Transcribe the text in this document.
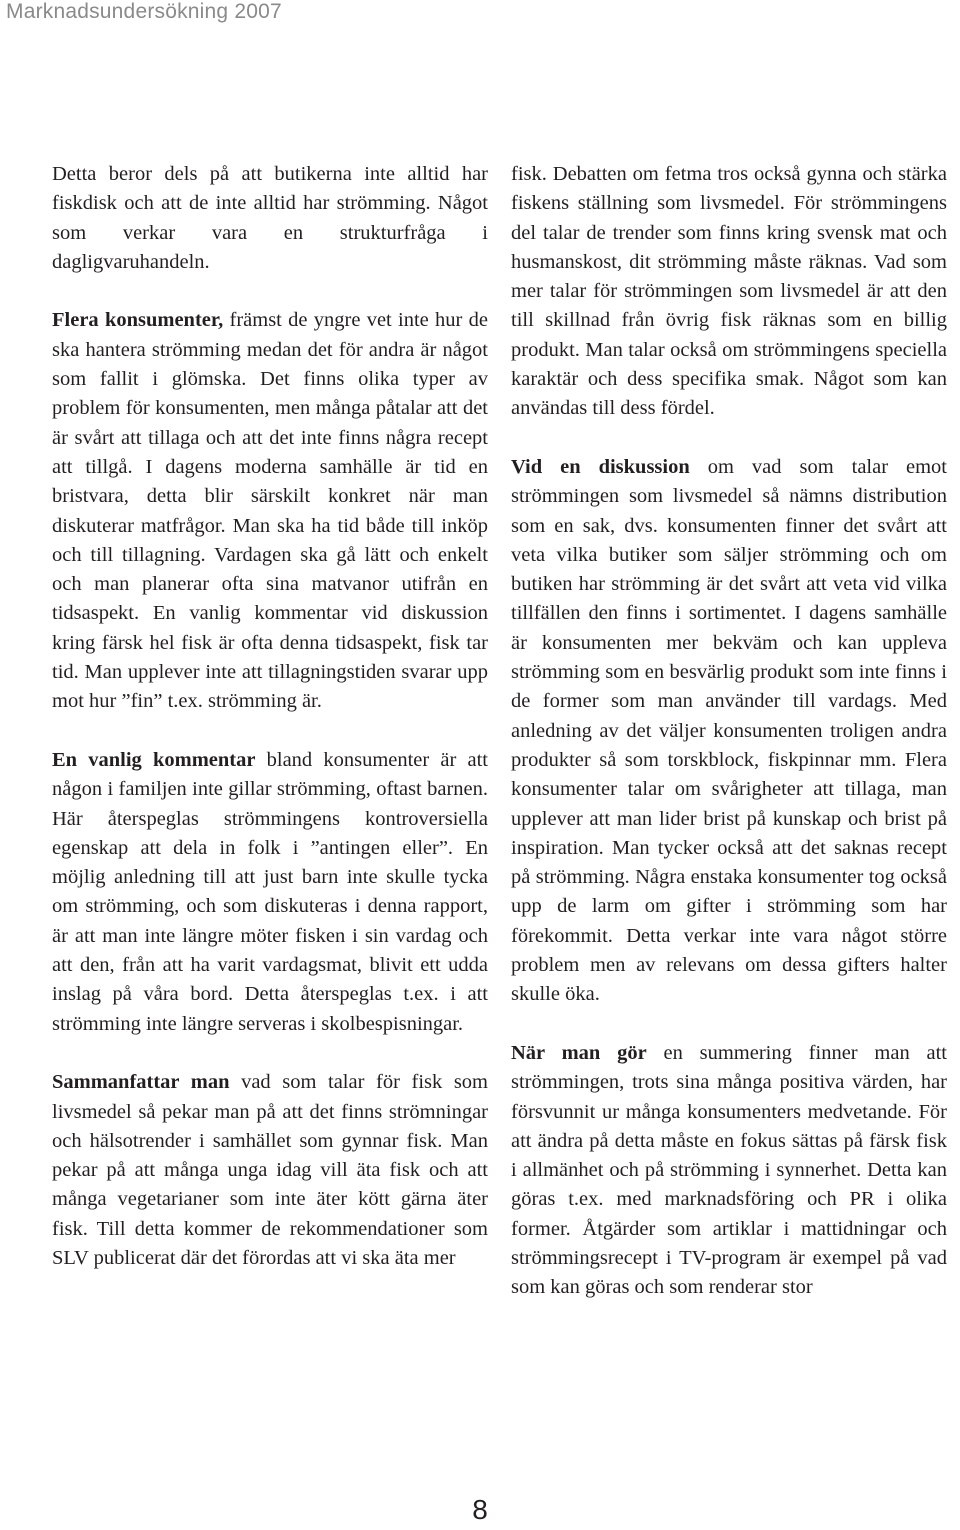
Marknadsundersökning 2007

Detta beror dels på att butikerna inte alltid har fiskdisk och att de inte alltid har strömming. Något som verkar vara en strukturfråga i dagligvaruhandeln.

Flera konsumenter, främst de yngre vet inte hur de ska hantera strömming medan det för andra är något som fallit i glömska. Det finns olika typer av problem för konsumenten, men många påtalar att det är svårt att tillaga och att det inte finns några recept att tillgå. I dagens moderna samhälle är tid en bristvara, detta blir särskilt konkret när man diskuterar matfrågor. Man ska ha tid både till inköp och till tillagning. Vardagen ska gå lätt och enkelt och man planerar ofta sina matvanor utifrån en tidsaspekt. En vanlig kommentar vid diskussion kring färsk hel fisk är ofta denna tidsaspekt, fisk tar tid. Man upplever inte att tillagningstiden svarar upp mot hur ”fin” t.ex. strömming är.

En vanlig kommentar bland konsumenter är att någon i familjen inte gillar strömming, oftast barnen. Här återspeglas strömmingens kontroversiella egenskap att dela in folk i ”antingen eller”. En möjlig anledning till att just barn inte skulle tycka om strömming, och som diskuteras i denna rapport, är att man inte längre möter fisken i sin vardag och att den, från att ha varit vardagsmat, blivit ett udda inslag på våra bord. Detta återspeglas t.ex. i att strömming inte längre serveras i skolbespisningar.

Sammanfattar man vad som talar för fisk som livsmedel så pekar man på att det finns strömningar och hälsotrender i samhället som gynnar fisk. Man pekar på att många unga idag vill äta fisk och att många vegetarianer som inte äter kött gärna äter fisk. Till detta kommer de rekommendationer som SLV publicerat där det förordas att vi ska äta mer

fisk. Debatten om fetma tros också gynna och stärka fiskens ställning som livsmedel. För strömmingens del talar de trender som finns kring svensk mat och husmanskost, dit strömming måste räknas. Vad som mer talar för strömmingen som livsmedel är att den till skillnad från övrig fisk räknas som en billig produkt. Man talar också om strömmingens speciella karaktär och dess specifika smak. Något som kan användas till dess fördel.

Vid en diskussion om vad som talar emot strömmingen som livsmedel så nämns distribution som en sak, dvs. konsumenten finner det svårt att veta vilka butiker som säljer strömming och om butiken har strömming är det svårt att veta vid vilka tillfällen den finns i sortimentet. I dagens samhälle är konsumenten mer bekväm och kan uppleva strömming som en besvärlig produkt som inte finns i de former som man använder till vardags. Med anledning av det väljer konsumenten troligen andra produkter så som torskblock, fiskpinnar mm. Flera konsumenter talar om svårigheter att tillaga, man upplever att man lider brist på kunskap och brist på inspiration. Man tycker också att det saknas recept på strömming. Några enstaka konsumenter tog också upp de larm om gifter i strömming som har förekommit. Detta verkar inte vara något större problem men av relevans om dessa gifters halter skulle öka.

När man gör en summering finner man att strömmingen, trots sina många positiva värden, har försvunnit ur många konsumenters medvetande. För att ändra på detta måste en fokus sättas på färsk fisk i allmänhet och på strömming i synnerhet. Detta kan göras t.ex. med marknadsföring och PR i olika former. Åtgärder som artiklar i mattidningar och strömmingsrecept i TV-program är exempel på vad som kan göras och som renderar stor

8
